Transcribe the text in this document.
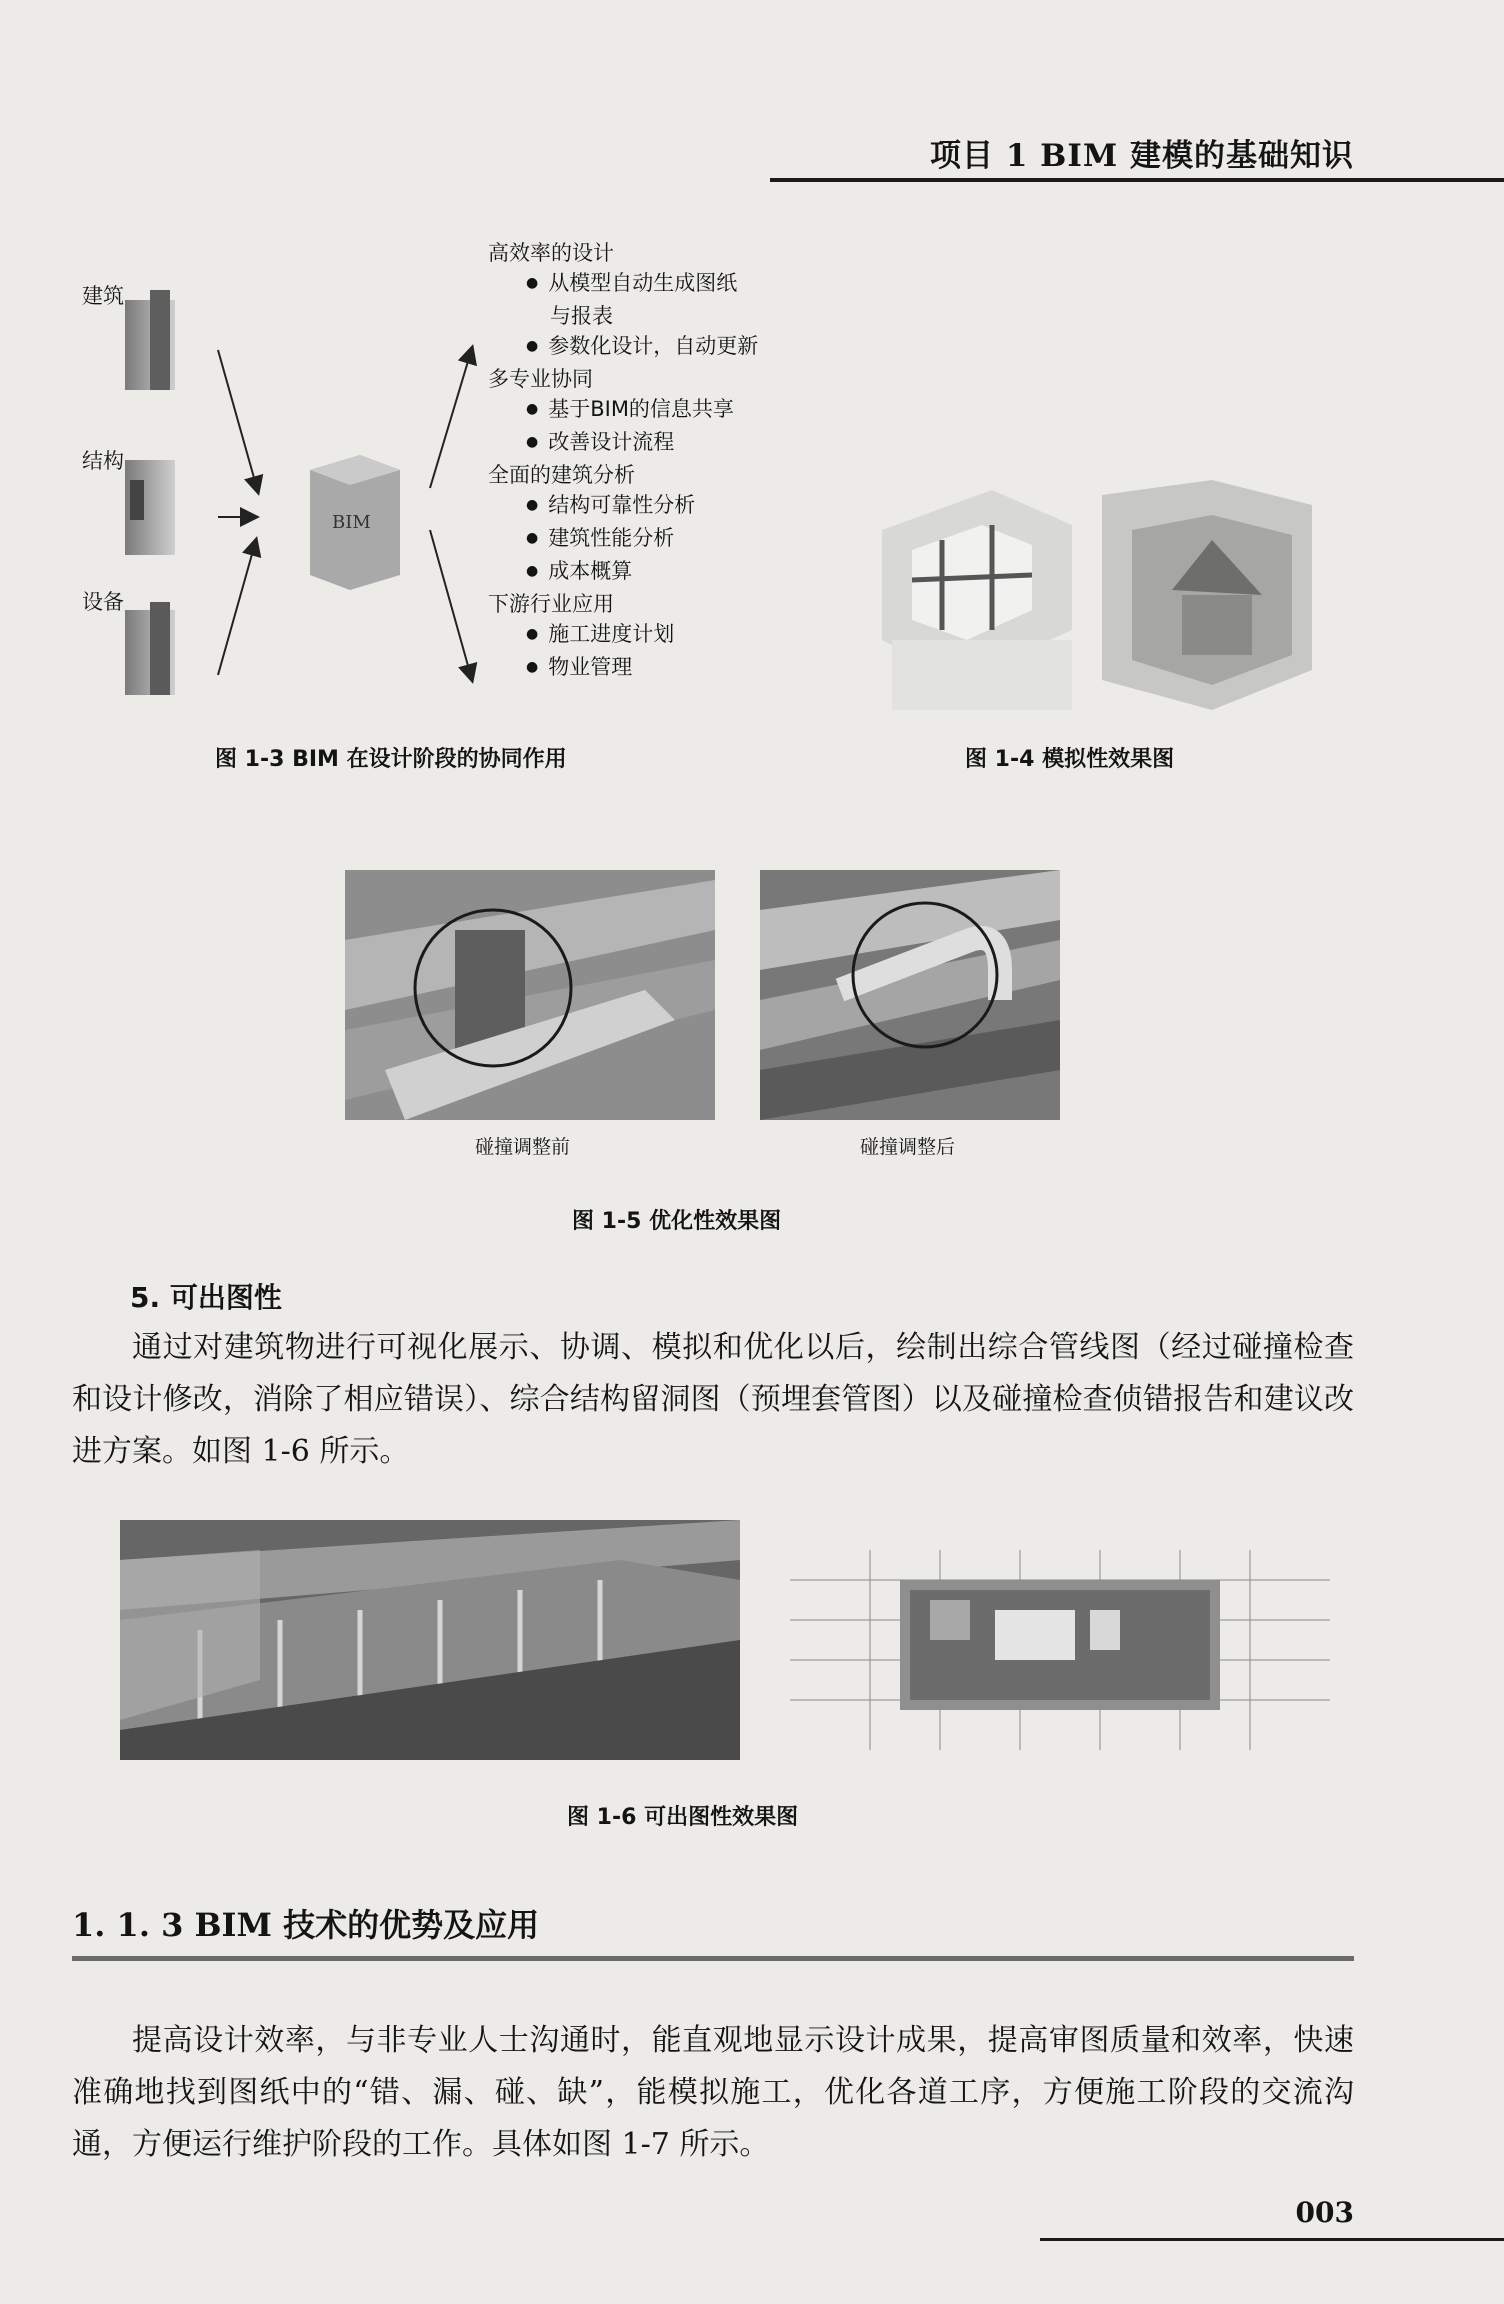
项目 1 BIM 建模的基础知识
建筑
结构
设备
BIM
高效率的设计
● 从模型自动生成图纸
与报表
● 参数化设计，自动更新
多专业协同
● 基于BIM的信息共享
● 改善设计流程
全面的建筑分析
● 结构可靠性分析
● 建筑性能分析
● 成本概算
下游行业应用
● 施工进度计划
● 物业管理
图 1-3 BIM 在设计阶段的协同作用	图 1-4 模拟性效果图
碰撞调整前	碰撞调整后
图 1-5 优化性效果图
5. 可出图性
通过对建筑物进行可视化展示、协调、模拟和优化以后，绘制出综合管线图（经过碰撞检查和设计修改，消除了相应错误）、综合结构留洞图（预埋套管图）以及碰撞检查侦错报告和建议改进方案。如图 1-6 所示。
图 1-6 可出图性效果图
1. 1. 3 BIM 技术的优势及应用
提高设计效率，与非专业人士沟通时，能直观地显示设计成果，提高审图质量和效率，快速准确地找到图纸中的“错、漏、碰、缺”，能模拟施工，优化各道工序，方便施工阶段的交流沟通，方便运行维护阶段的工作。具体如图 1-7 所示。
003
